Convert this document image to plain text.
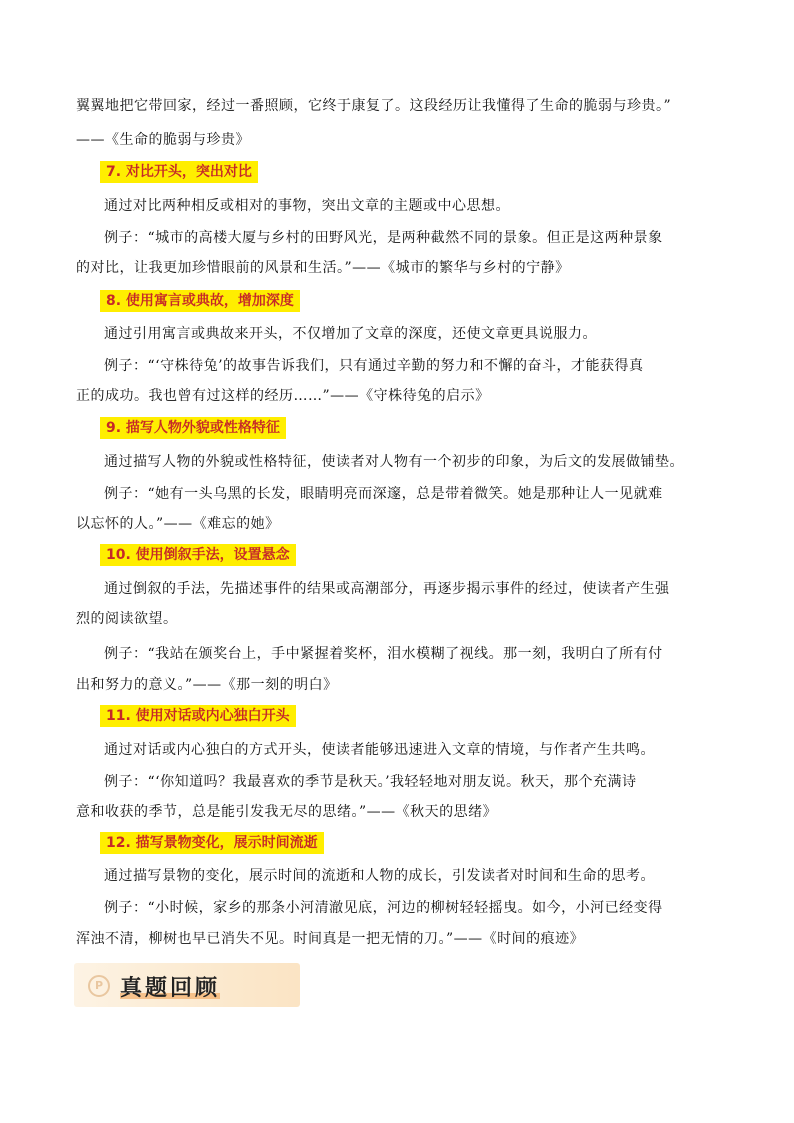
翼翼地把它带回家，经过一番照顾，它终于康复了。这段经历让我懂得了生命的脆弱与珍贵。”
——《生命的脆弱与珍贵》
7. 对比开头，突出对比
通过对比两种相反或相对的事物，突出文章的主题或中心思想。
例子：“城市的高楼大厦与乡村的田野风光，是两种截然不同的景象。但正是这两种景象
的对比，让我更加珍惜眼前的风景和生活。”——《城市的繁华与乡村的宁静》
8. 使用寓言或典故，增加深度
通过引用寓言或典故来开头，不仅增加了文章的深度，还使文章更具说服力。
例子：“‘守株待兔’的故事告诉我们，只有通过辛勤的努力和不懈的奋斗，才能获得真
正的成功。我也曾有过这样的经历……”——《守株待兔的启示》
9. 描写人物外貌或性格特征
通过描写人物的外貌或性格特征，使读者对人物有一个初步的印象，为后文的发展做铺垫。
例子：“她有一头乌黑的长发，眼睛明亮而深邃，总是带着微笑。她是那种让人一见就难
以忘怀的人。”——《难忘的她》
10. 使用倒叙手法，设置悬念
通过倒叙的手法，先描述事件的结果或高潮部分，再逐步揭示事件的经过，使读者产生强
烈的阅读欲望。
例子：“我站在颁奖台上，手中紧握着奖杯，泪水模糊了视线。那一刻，我明白了所有付
出和努力的意义。”——《那一刻的明白》
11. 使用对话或内心独白开头
通过对话或内心独白的方式开头，使读者能够迅速进入文章的情境，与作者产生共鸣。
例子：“‘你知道吗？我最喜欢的季节是秋天。’我轻轻地对朋友说。秋天，那个充满诗
意和收获的季节，总是能引发我无尽的思绪。”——《秋天的思绪》
12. 描写景物变化，展示时间流逝
通过描写景物的变化，展示时间的流逝和人物的成长，引发读者对时间和生命的思考。
例子：“小时候，家乡的那条小河清澈见底，河边的柳树轻轻摇曳。如今，小河已经变得
浑浊不清，柳树也早已消失不见。时间真是一把无情的刀。”——《时间的痕迹》
P 真题回顾
